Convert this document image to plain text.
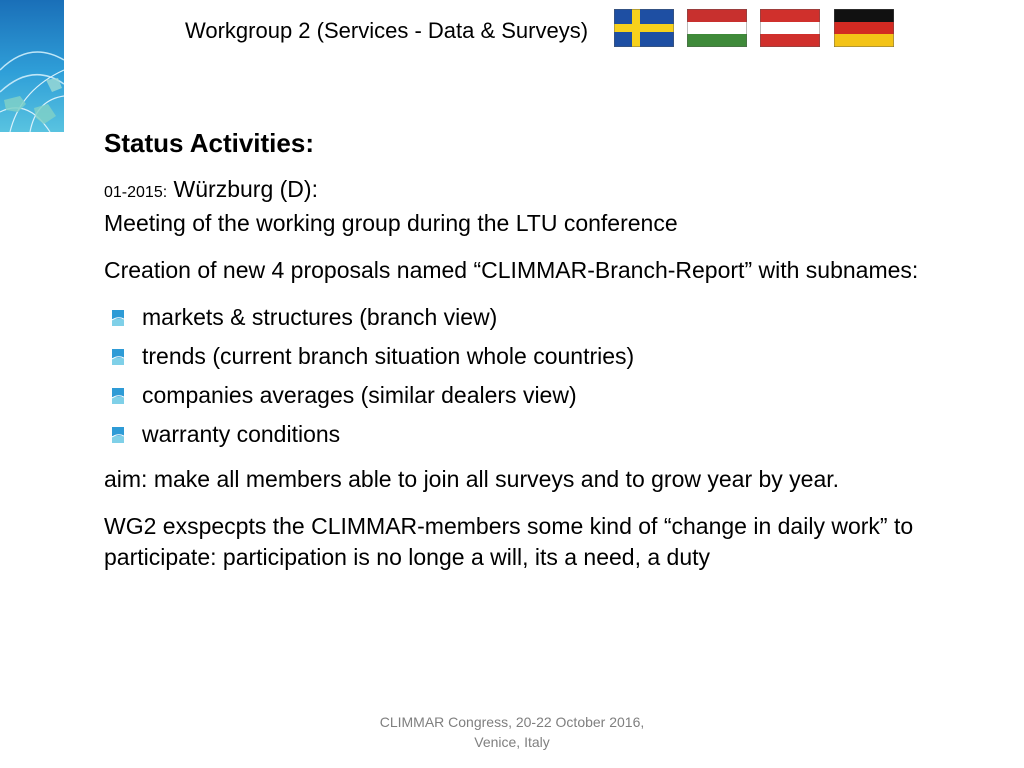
Workgroup 2 (Services - Data & Surveys)
Status Activities:
01-2015: Würzburg (D):
Meeting of the working group during the LTU conference
Creation of new 4 proposals named “CLIMMAR-Branch-Report” with subnames:
markets & structures (branch view)
trends (current branch situation whole countries)
companies averages (similar dealers view)
warranty conditions
aim: make all members able to join all surveys and to grow year by year.
WG2 exspecpts the CLIMMAR-members some kind of “change in daily work” to participate: participation is no longe a will, its a need, a duty
CLIMMAR Congress, 20-22 October 2016,
Venice, Italy
